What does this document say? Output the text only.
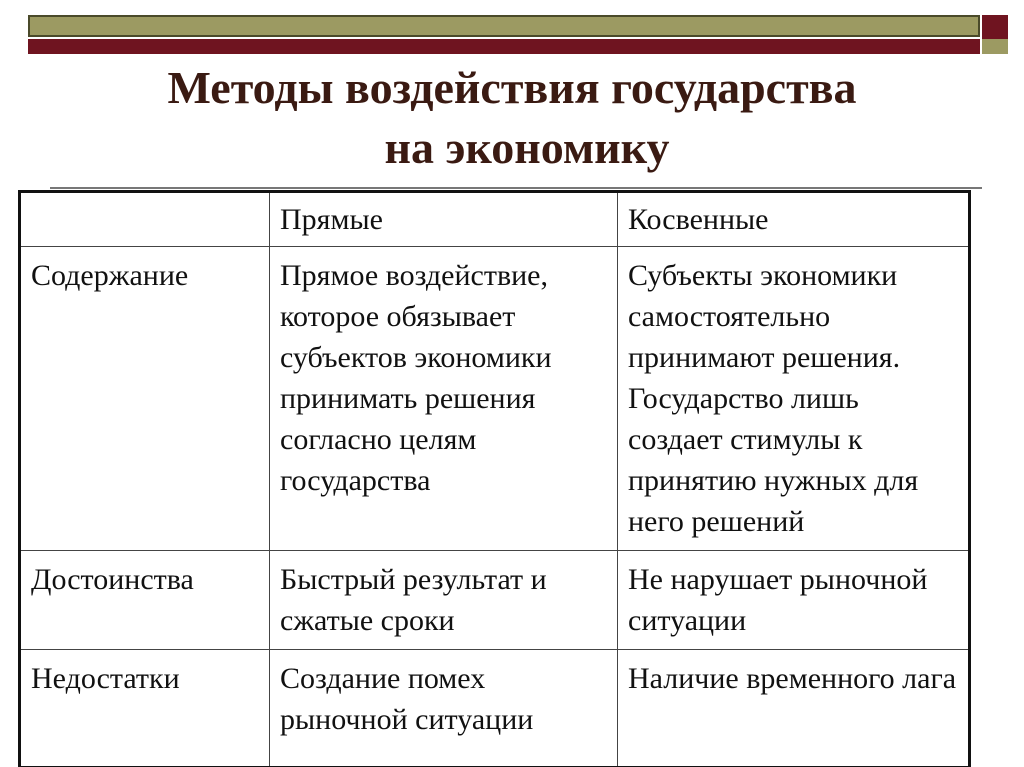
Методы воздействия государства
на экономику
	Прямые	Косвенные
Содержание	Прямое воздействие, которое обязывает субъектов экономики принимать решения согласно целям государства	Субъекты экономики самостоятельно принимают решения. Государство лишь создает стимулы к принятию нужных для него решений
Достоинства	Быстрый результат и сжатые сроки	Не нарушает рыночной ситуации
Недостатки	Создание помех рыночной ситуации	Наличие временного лага
